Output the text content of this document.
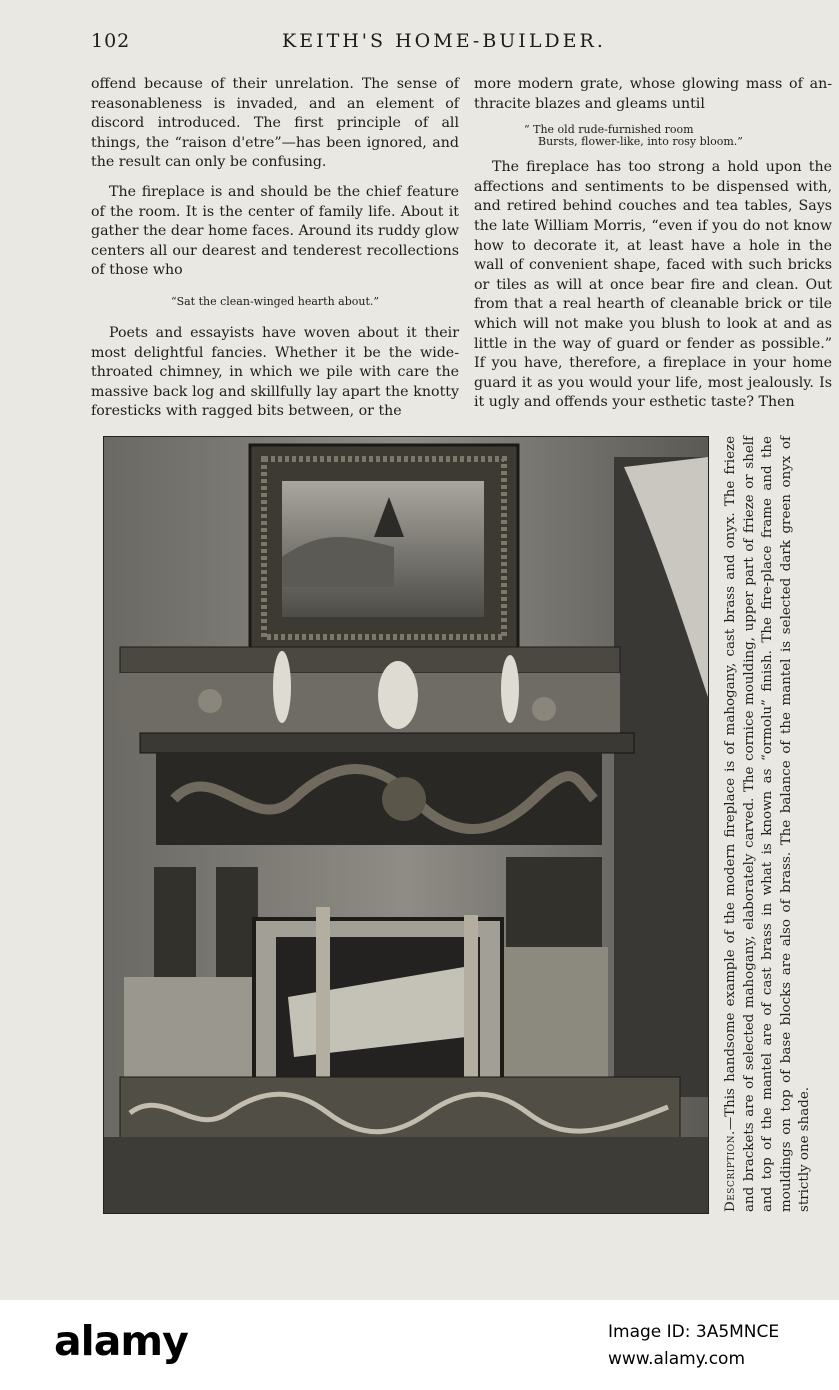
102	KEITH'S HOME-BUILDER.

offend because of their unrelation. The sense of reasonableness is invaded, and an element of discord introduced. The first principle of all things, the “raison d'etre”—has been ignored, and the result can only be confusing.

The fireplace is and should be the chief feature of the room. It is the center of family life. About it gather the dear home faces. Around its ruddy glow centers all our dearest and tenderest recollections of those who

“Sat the clean-winged hearth about.”

Poets and essayists have woven about it their most delightful fancies. Whether it be the wide-throated chimney, in which we pile with care the massive back log and skillfully lay apart the knotty foresticks with ragged bits between, or the

more modern grate, whose glowing mass of an-thracite blazes and gleams until

“ The old rude-furnished room
Bursts, flower-like, into rosy bloom.”

The fireplace has too strong a hold upon the affections and sentiments to be dispensed with, and retired behind couches and tea tables, Says the late William Morris, “even if you do not know how to decorate it, at least have a hole in the wall of convenient shape, faced with such bricks or tiles as will at once bear fire and clean. Out from that a real hearth of cleanable brick or tile which will not make you blush to look at and as little in the way of guard or fender as possible.” If you have, therefore, a fireplace in your home guard it as you would your life, most jealously. Is it ugly and offends your esthetic taste? Then

Description.—This handsome example of the modern fireplace is of mahogany, cast brass and onyx. The frieze and brackets are of selected mahogany, elaborately carved. The cornice moulding, upper part of frieze or shelf and top of the mantel are of cast brass in what is known as “ormolu” finish. The fire-place frame and the mouldings on top of base blocks are also of brass. The balance of the mantel is selected dark green onyx of strictly one shade.
alamy	Image ID: 3A5MNCE
www.alamy.com
